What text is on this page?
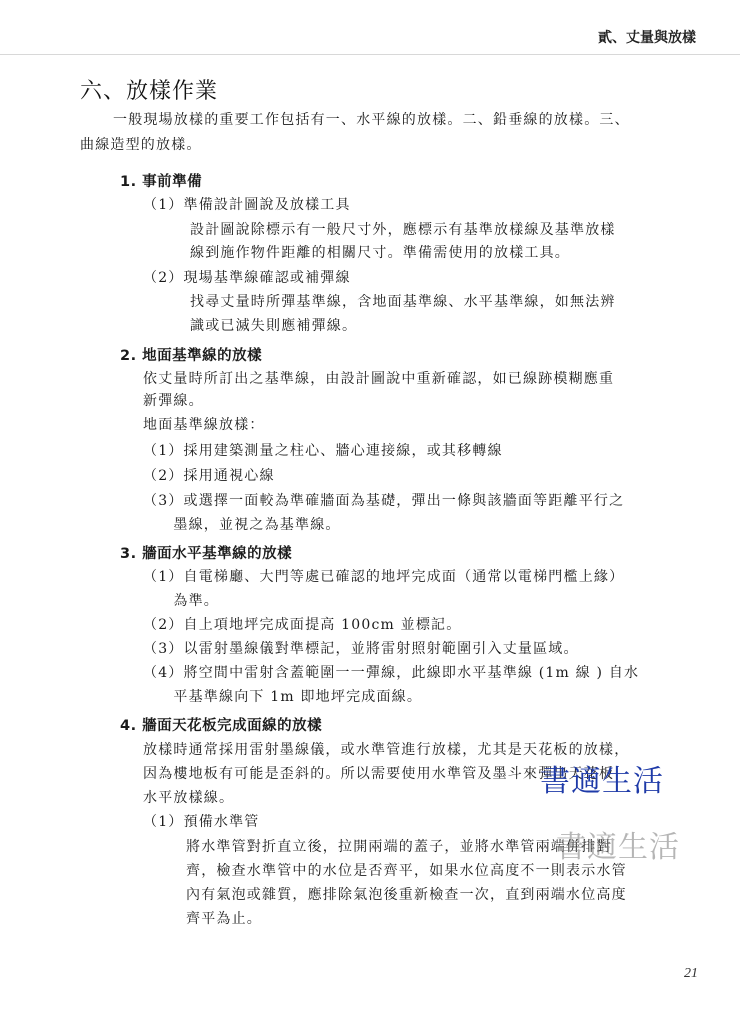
貳、丈量與放樣
六、放樣作業
一般現場放樣的重要工作包括有一、水平線的放樣。二、鉛垂線的放樣。三、
曲線造型的放樣。
1. 事前準備
（1）準備設計圖說及放樣工具
設計圖說除標示有一般尺寸外，應標示有基準放樣線及基準放樣
線到施作物件距離的相關尺寸。準備需使用的放樣工具。
（2）現場基準線確認或補彈線
找尋丈量時所彈基準線，含地面基準線、水平基準線，如無法辨
識或已滅失則應補彈線。
2. 地面基準線的放樣
依丈量時所訂出之基準線，由設計圖說中重新確認，如已線跡模糊應重
新彈線。
地面基準線放樣：
（1）採用建築測量之柱心、牆心連接線，或其移轉線
（2）採用通視心線
（3）或選擇一面較為準確牆面為基礎，彈出一條與該牆面等距離平行之
　　墨線，並視之為基準線。
3. 牆面水平基準線的放樣
（1）自電梯廳、大門等處已確認的地坪完成面（通常以電梯門檻上緣）
　　為準。
（2）自上項地坪完成面提高 100cm 並標記。
（3）以雷射墨線儀對準標記，並將雷射照射範圍引入丈量區域。
（4）將空間中雷射含蓋範圍一一彈線，此線即水平基準線 (1m 線 ) 自水
　　平基準線向下 1m 即地坪完成面線。
4. 牆面天花板完成面線的放樣
放樣時通常採用雷射墨線儀，或水準管進行放樣，尤其是天花板的放樣，
因為樓地板有可能是歪斜的。所以需要使用水準管及墨斗來彈出天花板
水平放樣線。
（1）預備水準管
將水準管對折直立後，拉開兩端的蓋子，並將水準管兩端併排對
齊，檢查水準管中的水位是否齊平，如果水位高度不一則表示水管
內有氣泡或雜質，應排除氣泡後重新檢查一次，直到兩端水位高度
齊平為止。
書適生活
書適生活
21
